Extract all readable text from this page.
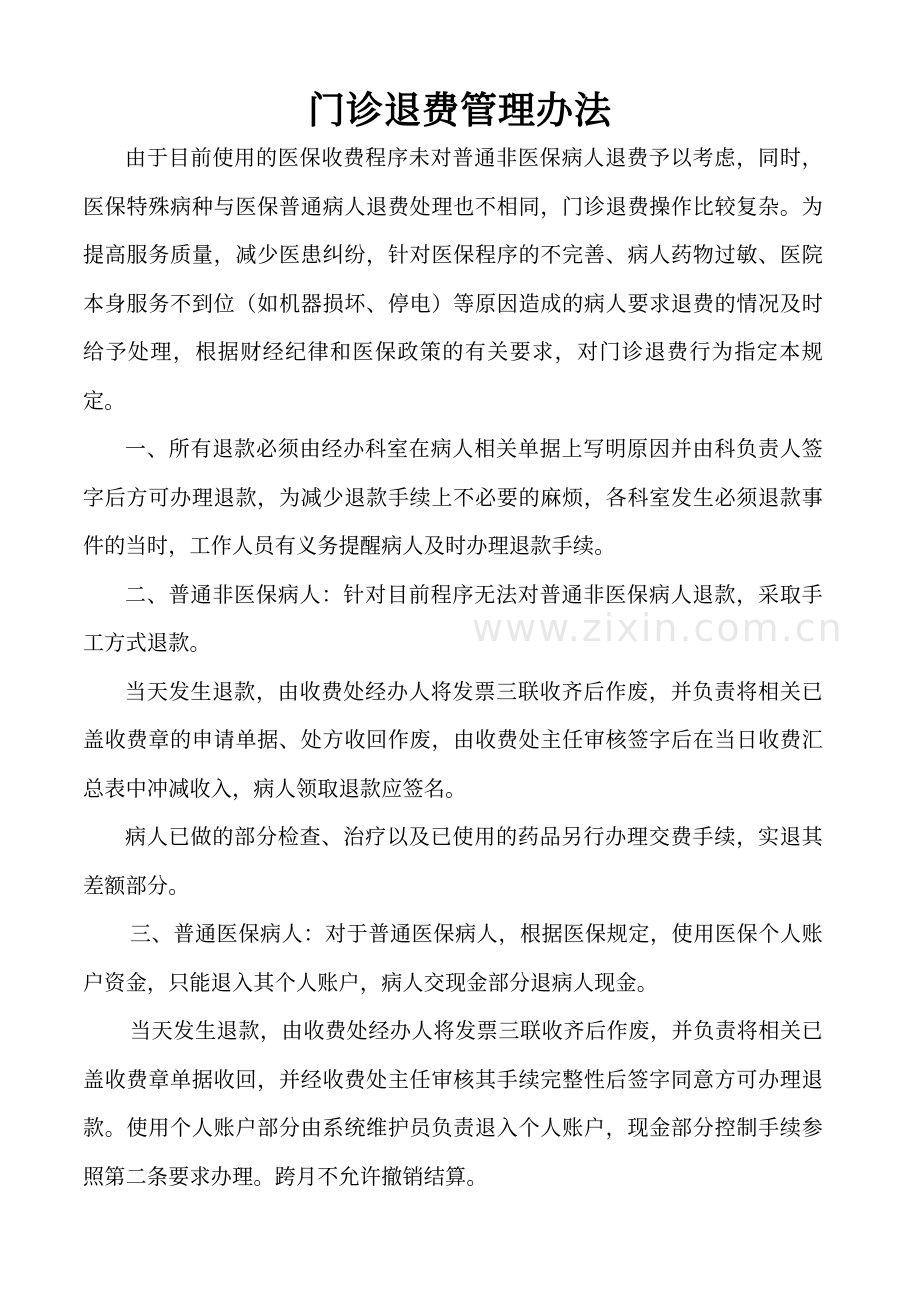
门诊退费管理办法

由于目前使用的医保收费程序未对普通非医保病人退费予以考虑，同时，医保特殊病种与医保普通病人退费处理也不相同，门诊退费操作比较复杂。为提高服务质量，减少医患纠纷，针对医保程序的不完善、病人药物过敏、医院本身服务不到位（如机器损坏、停电）等原因造成的病人要求退费的情况及时给予处理，根据财经纪律和医保政策的有关要求，对门诊退费行为指定本规定。

一、所有退款必须由经办科室在病人相关单据上写明原因并由科负责人签字后方可办理退款，为减少退款手续上不必要的麻烦，各科室发生必须退款事件的当时，工作人员有义务提醒病人及时办理退款手续。

二、普通非医保病人：针对目前程序无法对普通非医保病人退款，采取手工方式退款。

当天发生退款，由收费处经办人将发票三联收齐后作废，并负责将相关已盖收费章的申请单据、处方收回作废，由收费处主任审核签字后在当日收费汇总表中冲减收入，病人领取退款应签名。

病人已做的部分检查、治疗以及已使用的药品另行办理交费手续，实退其差额部分。

三、普通医保病人：对于普通医保病人，根据医保规定，使用医保个人账户资金，只能退入其个人账户，病人交现金部分退病人现金。

当天发生退款，由收费处经办人将发票三联收齐后作废，并负责将相关已盖收费章单据收回，并经收费处主任审核其手续完整性后签字同意方可办理退款。使用个人账户部分由系统维护员负责退入个人账户，现金部分控制手续参照第二条要求办理。跨月不允许撤销结算。

www.zixin.com.cn
